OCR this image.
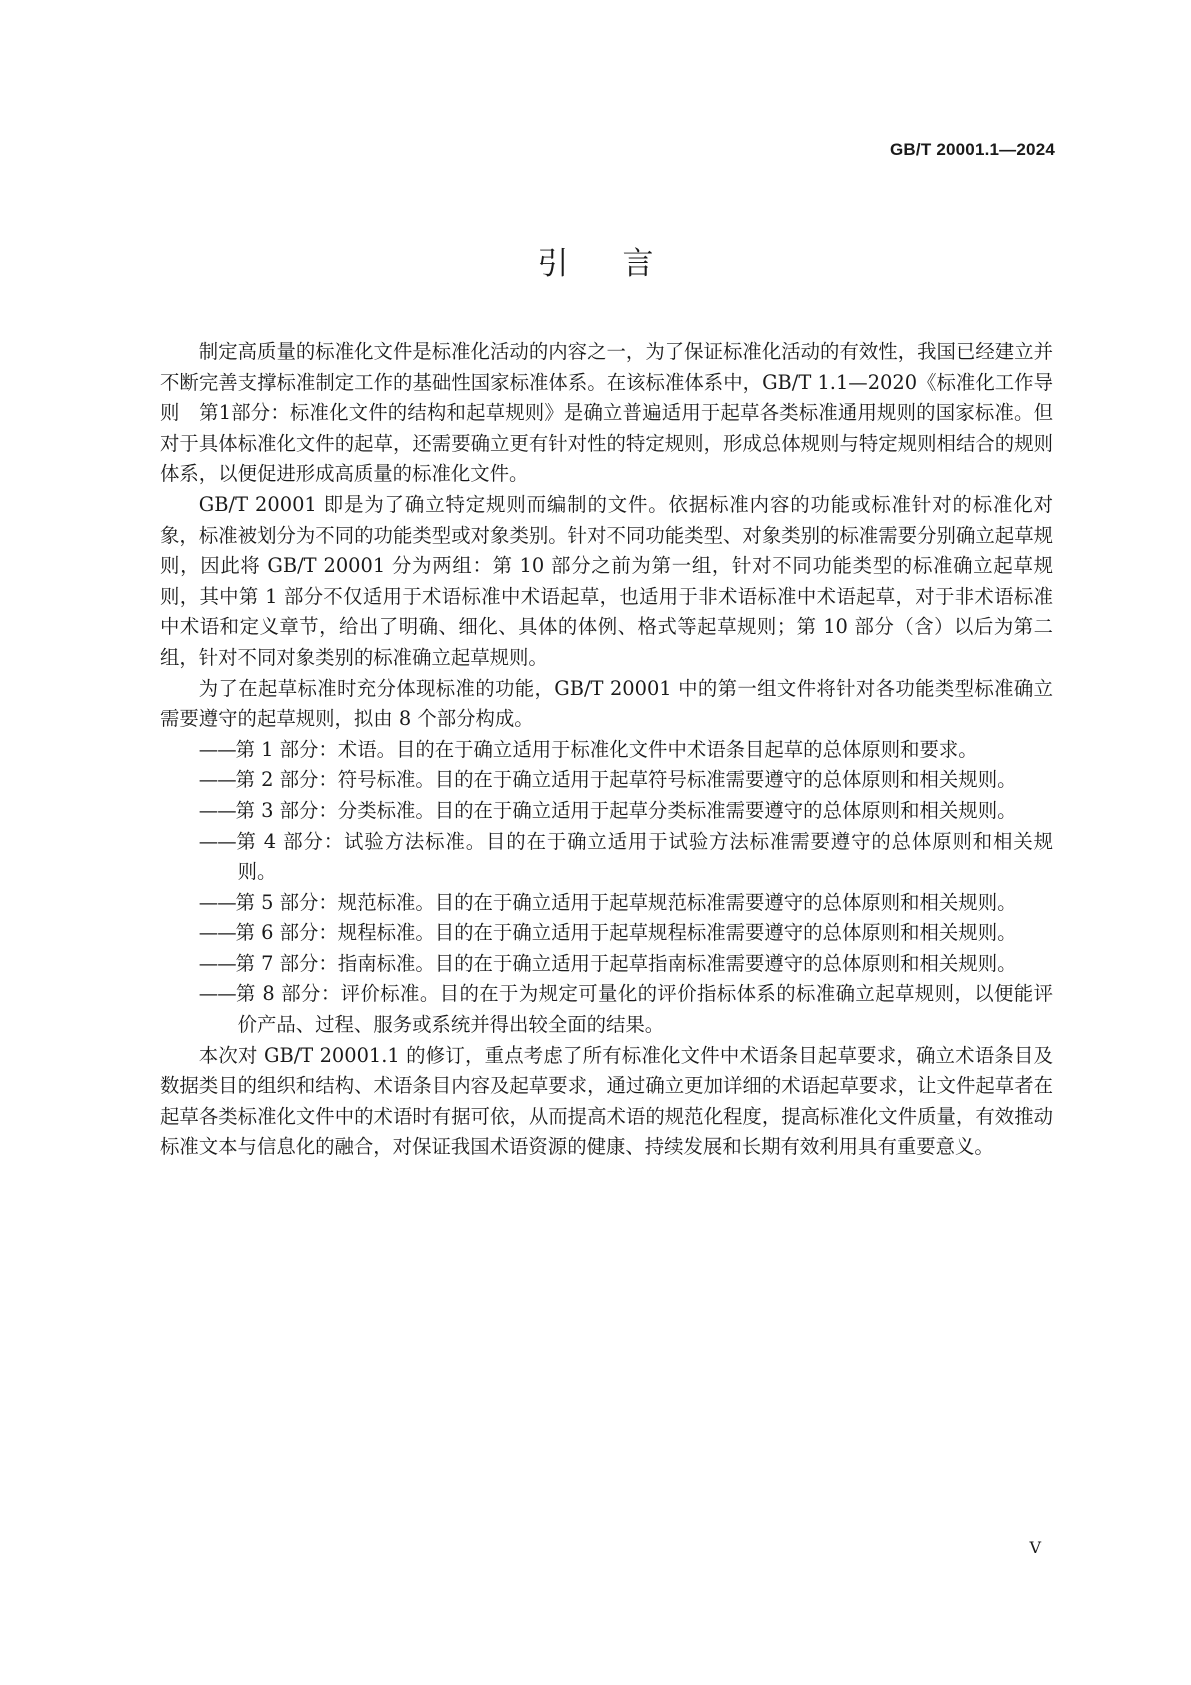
GB/T 20001.1—2024
引言

制定高质量的标准化文件是标准化活动的内容之一，为了保证标准化活动的有效性，我国已经建立并不断完善支撑标准制定工作的基础性国家标准体系。在该标准体系中，GB/T 1.1—2020《标准化工作导则　第1部分：标准化文件的结构和起草规则》是确立普遍适用于起草各类标准通用规则的国家标准。但对于具体标准化文件的起草，还需要确立更有针对性的特定规则，形成总体规则与特定规则相结合的规则体系，以便促进形成高质量的标准化文件。

GB/T 20001 即是为了确立特定规则而编制的文件。依据标准内容的功能或标准针对的标准化对象，标准被划分为不同的功能类型或对象类别。针对不同功能类型、对象类别的标准需要分别确立起草规则，因此将 GB/T 20001 分为两组：第 10 部分之前为第一组，针对不同功能类型的标准确立起草规则，其中第 1 部分不仅适用于术语标准中术语起草，也适用于非术语标准中术语起草，对于非术语标准中术语和定义章节，给出了明确、细化、具体的体例、格式等起草规则；第 10 部分（含）以后为第二组，针对不同对象类别的标准确立起草规则。

为了在起草标准时充分体现标准的功能，GB/T 20001 中的第一组文件将针对各功能类型标准确立需要遵守的起草规则，拟由 8 个部分构成。

——第 1 部分：术语。目的在于确立适用于标准化文件中术语条目起草的总体原则和要求。

——第 2 部分：符号标准。目的在于确立适用于起草符号标准需要遵守的总体原则和相关规则。

——第 3 部分：分类标准。目的在于确立适用于起草分类标准需要遵守的总体原则和相关规则。

——第 4 部分：试验方法标准。目的在于确立适用于试验方法标准需要遵守的总体原则和相关规则。

——第 5 部分：规范标准。目的在于确立适用于起草规范标准需要遵守的总体原则和相关规则。

——第 6 部分：规程标准。目的在于确立适用于起草规程标准需要遵守的总体原则和相关规则。

——第 7 部分：指南标准。目的在于确立适用于起草指南标准需要遵守的总体原则和相关规则。

——第 8 部分：评价标准。目的在于为规定可量化的评价指标体系的标准确立起草规则，以便能评价产品、过程、服务或系统并得出较全面的结果。

本次对 GB/T 20001.1 的修订，重点考虑了所有标准化文件中术语条目起草要求，确立术语条目及数据类目的组织和结构、术语条目内容及起草要求，通过确立更加详细的术语起草要求，让文件起草者在起草各类标准化文件中的术语时有据可依，从而提高术语的规范化程度，提高标准化文件质量，有效推动标准文本与信息化的融合，对保证我国术语资源的健康、持续发展和长期有效利用具有重要意义。

V
